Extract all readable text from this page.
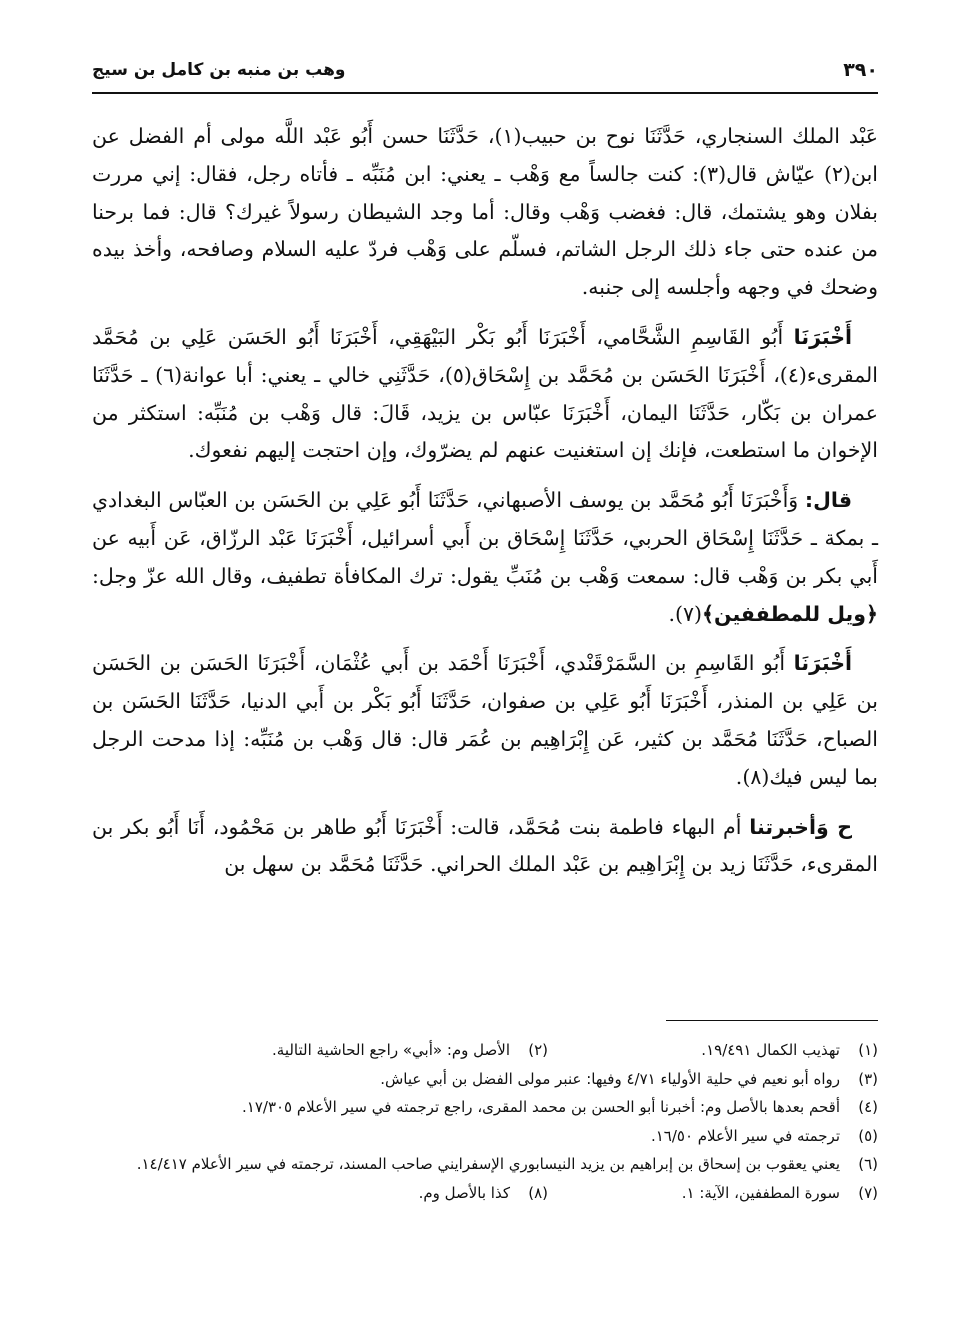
٣٩٠
وهب بن منبه بن كامل بن سيج

عَبْد الملك السنجاري، حَدَّثَنَا نوح بن حبيب(١)، حَدَّثَنَا حسن أَبُو عَبْد اللَّه مولى أم الفضل عن ابن(٢) عيّاش قال(٣): كنت جالساً مع وَهْب ـ يعني: ابن مُنَبِّه ـ فأتاه رجل، فقال: إني مررت بفلان وهو يشتمك، قال: فغضب وَهْب وقال: أما وجد الشيطان رسولاً غيرك؟ قال: فما برحنا من عنده حتى جاء ذلك الرجل الشاتم، فسلّم على وَهْب فردّ عليه السلام وصافحه، وأخذ بيده وضحك في وجهه وأجلسه إلى جنبه.

أَخْبَرَنَا أَبُو القَاسِمِ الشَّحَّامي، أَخْبَرَنَا أَبُو بَكْر البَيْهَقِي، أَخْبَرَنَا أَبُو الحَسَن عَلِي بن مُحَمَّد المقرىء(٤)، أَخْبَرَنَا الحَسَن بن مُحَمَّد بن إِسْحَاق(٥)، حَدَّثَنِي خالي ـ يعني: أبا عوانة(٦) ـ حَدَّثَنَا عمران بن بَكّار، حَدَّثَنَا اليمان، أَخْبَرَنَا عبّاس بن يزيد، قَالَ: قال وَهْب بن مُنَبِّه: استكثر من الإخوان ما استطعت، فإنك إن استغنيت عنهم لم يضرّوك، وإن احتجت إليهم نفعوك.

قال: وَأَخْبَرَنَا أَبُو مُحَمَّد بن يوسف الأصبهاني، حَدَّثَنَا أَبُو عَلِي بن الحَسَن بن العبّاس البغدادي ـ بمكة ـ حَدَّثَنَا إِسْحَاق الحربي، حَدَّثَنَا إِسْحَاق بن أَبي أسرائيل، أَخْبَرَنَا عَبْد الرزّاق، عَن أَبيه عن أَبي بكر بن وَهْب قال: سمعت وَهْب بن مُنَبِّ يقول: ترك المكافأة تطفيف، وقال الله عزّ وجل: ﴿ويل للمطففين﴾(٧).

أَخْبَرَنَا أَبُو القَاسِمِ بن السَّمَرْقَنْدي، أَخْبَرَنَا أَحْمَد بن أَبي عُثْمَان، أَخْبَرَنَا الحَسَن بن الحَسَن بن عَلِي بن المنذر، أَخْبَرَنَا أَبُو عَلِي بن صفوان، حَدَّثَنَا أَبُو بَكْر بن أَبي الدنيا، حَدَّثَنَا الحَسَن بن الصباح، حَدَّثَنَا مُحَمَّد بن كثير، عَن إِبْرَاهِيم بن عُمَر قال: قال وَهْب بن مُنَبِّه: إذا مدحت الرجل بما ليس فيك(٨).

ح وَأخبرتنا أم البهاء فاطمة بنت مُحَمَّد، قالت: أَخْبَرَنَا أَبُو طاهر بن مَحْمُود، أَنَا أَبُو بكر بن المقرىء، حَدَّثَنَا زيد بن إِبْرَاهِيم بن عَبْد الملك الحراني. حَدَّثَنَا مُحَمَّد بن سهل بن

(١)
تهذيب الكمال ١٩/٤٩١.
(٢)
الأصل وم: «أبي» راجع الحاشية التالية.
(٣)
رواه أبو نعيم في حلية الأولياء ٤/٧١ وفيها: عنبر مولى الفضل بن أبي عياش.
(٤)
أقحم بعدها بالأصل وم: أخبرنا أبو الحسن بن محمد المقرى، راجع ترجمته في سير الأعلام ١٧/٣٠٥.
(٥)
ترجمته في سير الأعلام ١٦/٥٠.
(٦)
يعني يعقوب بن إسحاق بن إبراهيم بن يزيد النيسابوري الإسفرايني صاحب المسند، ترجمته في سير الأعلام ١٤/٤١٧.
(٧)
سورة المطففين، الآية: ١.
(٨)
كذا بالأصل وم.
